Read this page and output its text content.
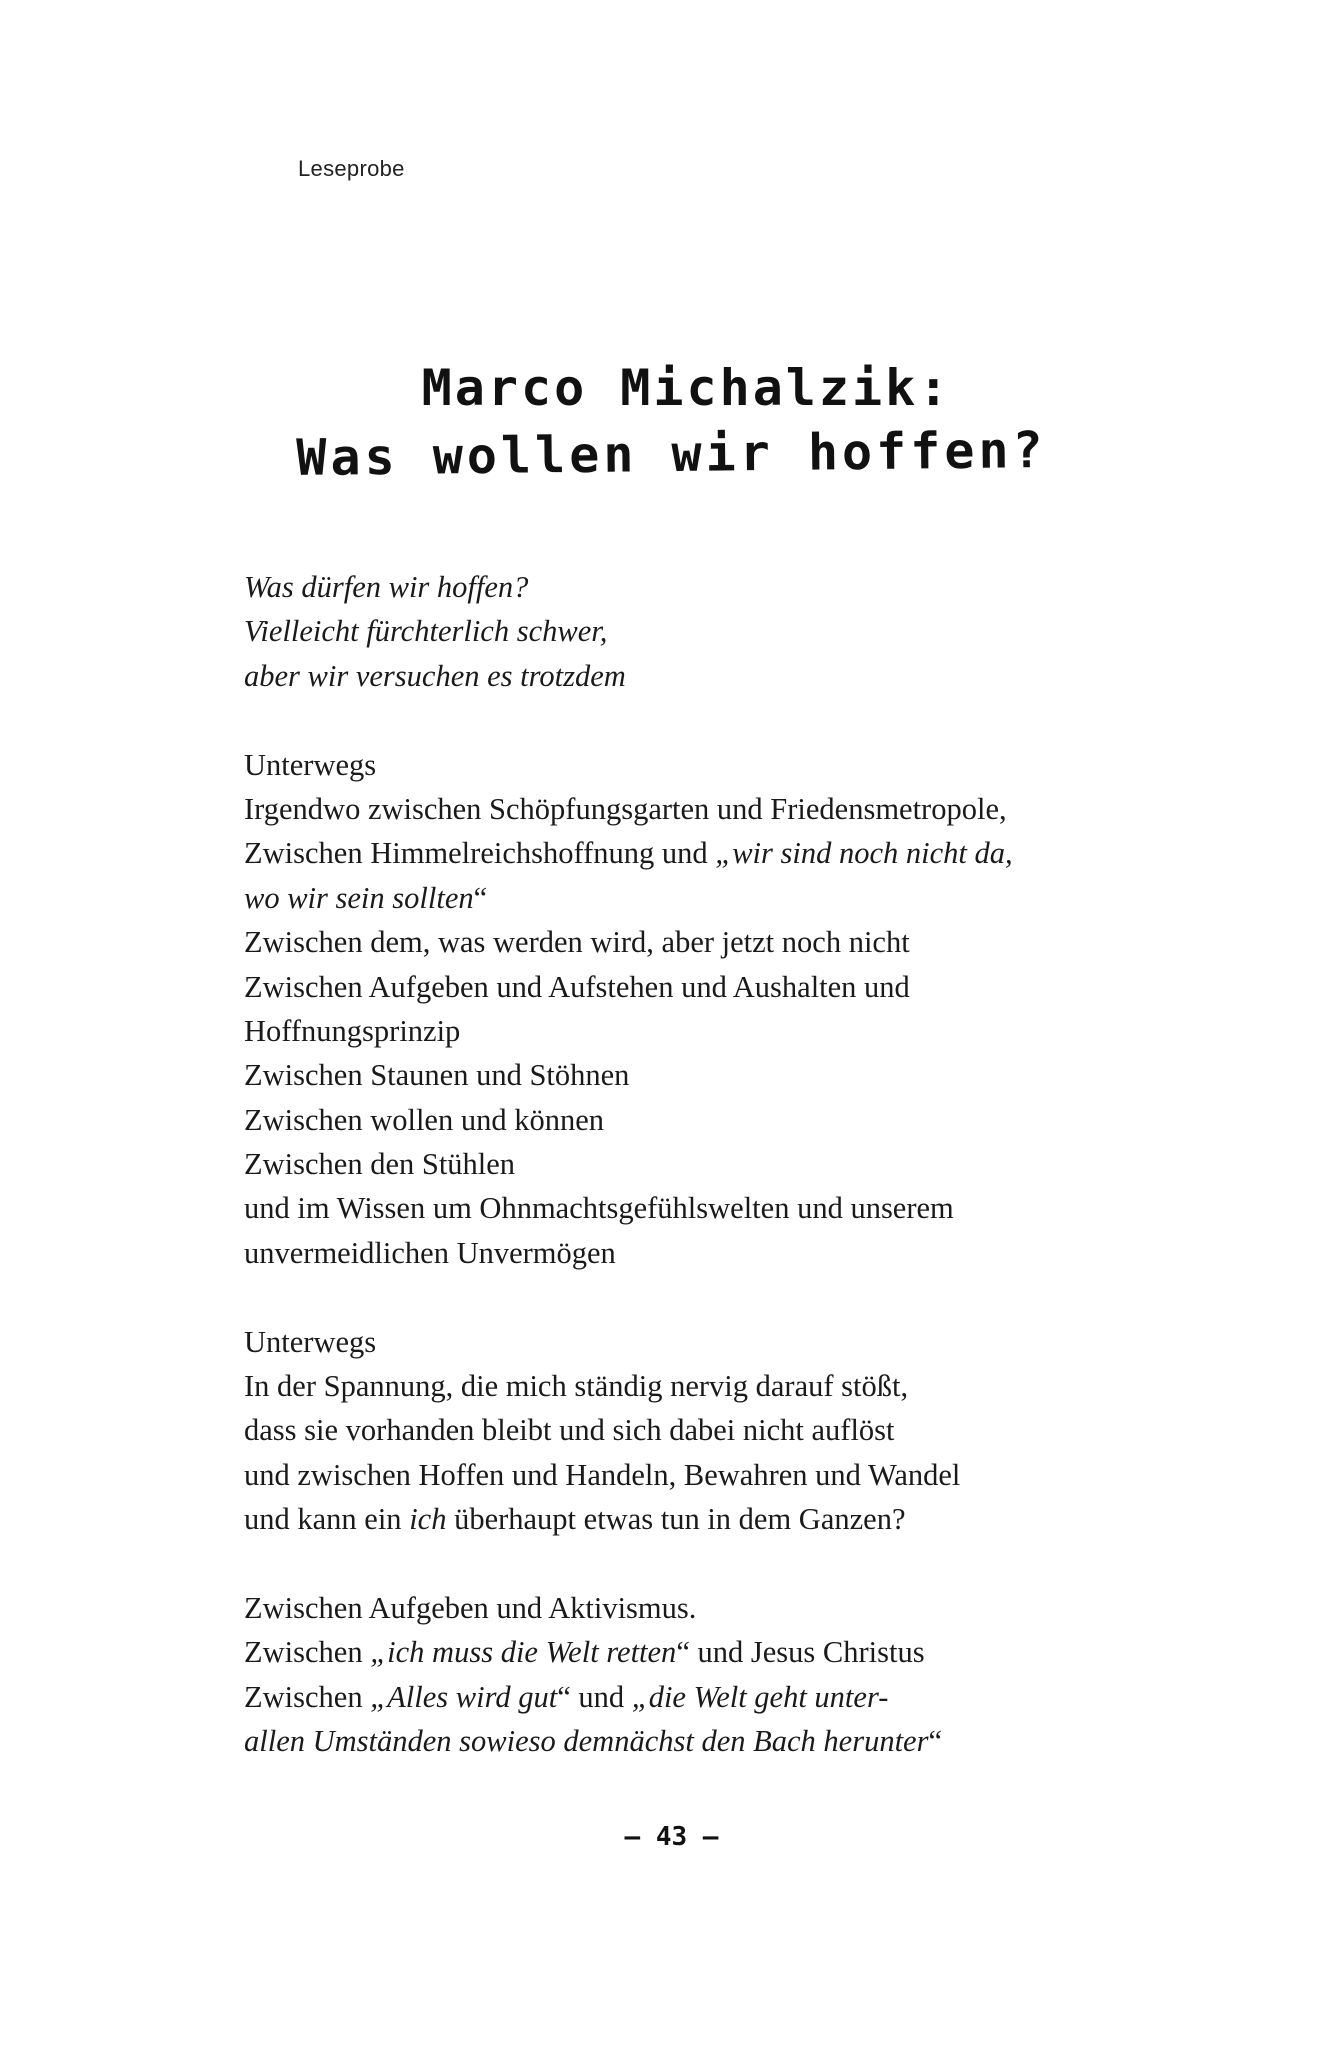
Leseprobe
Marco Michalzik:
Was wollen wir hoffen?
Was dürfen wir hoffen?
Vielleicht fürchterlich schwer,
aber wir versuchen es trotzdem
Unterwegs
Irgendwo zwischen Schöpfungsgarten und Friedensmetropole,
Zwischen Himmelreichshoffnung und „wir sind noch nicht da,
wo wir sein sollten“
Zwischen dem, was werden wird, aber jetzt noch nicht
Zwischen Aufgeben und Aufstehen und Aushalten und
Hoffnungsprinzip
Zwischen Staunen und Stöhnen
Zwischen wollen und können
Zwischen den Stühlen
und im Wissen um Ohnmachtsgefühlswelten und unserem
unvermeidlichen Unvermögen
Unterwegs
In der Spannung, die mich ständig nervig darauf stößt,
dass sie vorhanden bleibt und sich dabei nicht auflöst
und zwischen Hoffen und Handeln, Bewahren und Wandel
und kann ein ich überhaupt etwas tun in dem Ganzen?
Zwischen Aufgeben und Aktivismus.
Zwischen „ich muss die Welt retten“ und Jesus Christus
Zwischen „Alles wird gut“ und „die Welt geht unter-
allen Umständen sowieso demnächst den Bach herunter“
– 43 –
